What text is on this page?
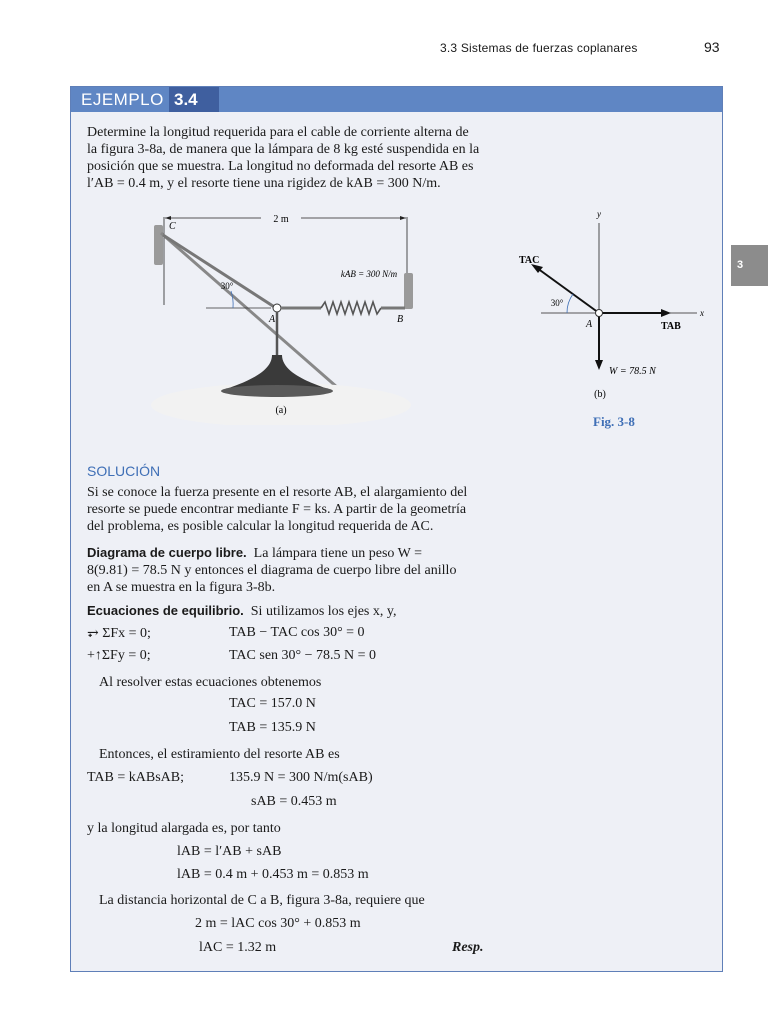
3.3 Sistemas de fuerzas coplanares	93
3
EJEMPLO 3.4
Determine la longitud requerida para el cable de corriente alterna de
la figura 3-8a, de manera que la lámpara de 8 kg esté suspendida en la
posición que se muestra. La longitud no deformada del resorte AB es
l′AB = 0.4 m, y el resorte tiene una rigidez de kAB = 300 N/m.
2 m
30°
kAB = 300 N/m
C
A	B
(a)
y
x
TAC
TAB
W = 78.5 N
30°
A
(b)
Fig. 3-8
SOLUCIÓN
Si se conoce la fuerza presente en el resorte AB, el alargamiento del
resorte se puede encontrar mediante F = ks. A partir de la geometría
del problema, es posible calcular la longitud requerida de AC.
Diagrama de cuerpo libre. La lámpara tiene un peso W =
8(9.81) = 78.5 N y entonces el diagrama de cuerpo libre del anillo
en A se muestra en la figura 3-8b.
Ecuaciones de equilibrio. Si utilizamos los ejes x, y,
⥅ ΣFx = 0;	TAB − TAC cos 30° = 0
+↑ΣFy = 0;	TAC sen 30° − 78.5 N = 0
Al resolver estas ecuaciones obtenemos
TAC = 157.0 N
TAB = 135.9 N
Entonces, el estiramiento del resorte AB es
TAB = kABsAB;	135.9 N = 300 N/m(sAB)
sAB = 0.453 m
y la longitud alargada es, por tanto
lAB = l′AB + sAB
lAB = 0.4 m + 0.453 m = 0.853 m
La distancia horizontal de C a B, figura 3-8a, requiere que
2 m = lAC cos 30° + 0.853 m
lAC = 1.32 m	Resp.
